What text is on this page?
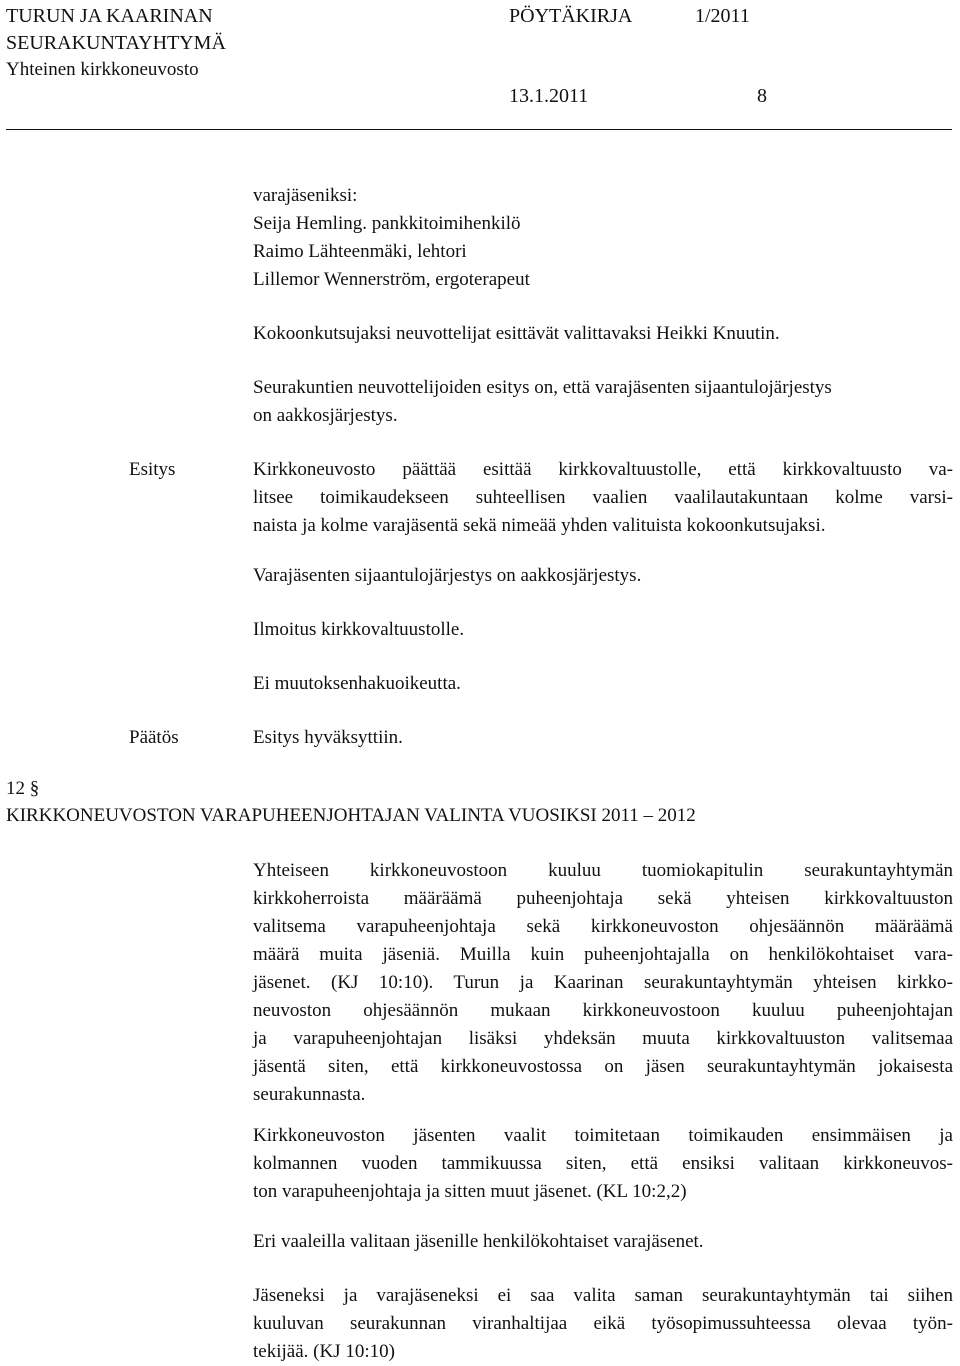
TURUN JA KAARINAN
SEURAKUNTAYHTYMÄ
Yhteinen kirkkoneuvosto
PÖYTÄKIRJA	1/2011
13.1.2011	8
varajäseniksi:
Seija Hemling. pankkitoimihenkilö
Raimo Lähteenmäki, lehtori
Lillemor Wennerström, ergoterapeut
Kokoonkutsujaksi neuvottelijat esittävät valittavaksi Heikki Knuutin.
Seurakuntien neuvottelijoiden esitys on, että varajäsenten sijaantulojärjestys
on aakkosjärjestys.
Esitys	Kirkkoneuvosto päättää esittää kirkkovaltuustolle, että kirkkovaltuusto va-
litsee toimikaudekseen suhteellisen vaalien vaalilautakuntaan kolme varsi-
naista ja kolme varajäsentä sekä nimeää yhden valituista kokoonkutsujaksi.
Varajäsenten sijaantulojärjestys on aakkosjärjestys.
Ilmoitus kirkkovaltuustolle.
Ei muutoksenhakuoikeutta.
Päätös	Esitys hyväksyttiin.
12 §
KIRKKONEUVOSTON VARAPUHEENJOHTAJAN VALINTA VUOSIKSI 2011 – 2012
Yhteiseen kirkkoneuvostoon kuuluu tuomiokapitulin seurakuntayhtymän
kirkkoherroista määräämä puheenjohtaja sekä yhteisen kirkkovaltuuston
valitsema varapuheenjohtaja sekä kirkkoneuvoston ohjesäännön määräämä
määrä muita jäseniä. Muilla kuin puheenjohtajalla on henkilökohtaiset vara-
jäsenet. (KJ 10:10). Turun ja Kaarinan seurakuntayhtymän yhteisen kirkko-
neuvoston ohjesäännön mukaan kirkkoneuvostoon kuuluu puheenjohtajan
ja varapuheenjohtajan lisäksi yhdeksän muuta kirkkovaltuuston valitsemaa
jäsentä siten, että kirkkoneuvostossa on jäsen seurakuntayhtymän jokaisesta
seurakunnasta.
Kirkkoneuvoston jäsenten vaalit toimitetaan toimikauden ensimmäisen ja
kolmannen vuoden tammikuussa siten, että ensiksi valitaan kirkkoneuvos-
ton varapuheenjohtaja ja sitten muut jäsenet. (KL 10:2,2)
Eri vaaleilla valitaan jäsenille henkilökohtaiset varajäsenet.
Jäseneksi ja varajäseneksi ei saa valita saman seurakuntayhtymän tai siihen
kuuluvan seurakunnan viranhaltijaa eikä työsopimussuhteessa olevaa työn-
tekijää. (KJ 10:10)
